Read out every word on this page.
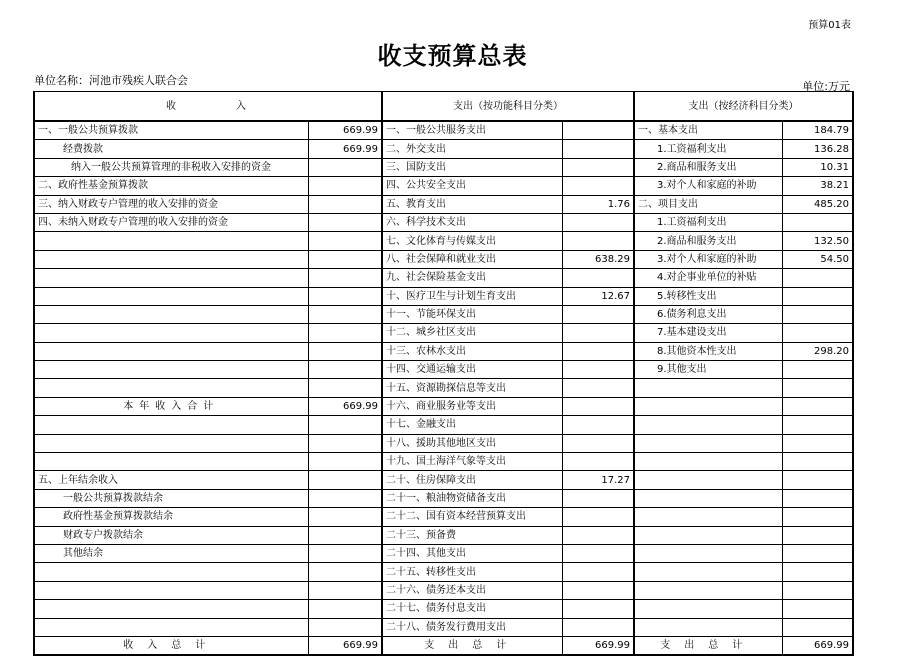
预算01表
收支预算总表
单位名称：河池市残疾人联合会	单位:万元
收　　　　入		支出（按功能科目分类）		支出（按经济科目分类）	
一、一般公共预算拨款	669.99	一、一般公共服务支出		一、基本支出	184.79
经费拨款	669.99	二、外交支出		1.工资福利支出	136.28
纳入一般公共预算管理的非税收入安排的资金		三、国防支出		2.商品和服务支出	10.31
二、政府性基金预算拨款		四、公共安全支出		3.对个人和家庭的补助	38.21
三、纳入财政专户管理的收入安排的资金		五、教育支出	1.76	二、项目支出	485.20
四、未纳入财政专户管理的收入安排的资金		六、科学技术支出		1.工资福利支出	
		七、文化体育与传媒支出		2.商品和服务支出	132.50
		八、社会保障和就业支出	638.29	3.对个人和家庭的补助	54.50
		九、社会保险基金支出		4.对企事业单位的补贴	
		十、医疗卫生与计划生育支出	12.67	5.转移性支出	
		十一、节能环保支出		6.债务利息支出	
		十二、城乡社区支出		7.基本建设支出	
		十三、农林水支出		8.其他资本性支出	298.20
		十四、交通运输支出		9.其他支出	
		十五、资源勘探信息等支出			
本年收入合计	669.99	十六、商业服务业等支出			
		十七、金融支出			
		十八、援助其他地区支出			
		十九、国土海洋气象等支出			
五、上年结余收入		二十、住房保障支出	17.27		
一般公共预算拨款结余		二十一、粮油物资储备支出			
政府性基金预算拨款结余		二十二、国有资本经营预算支出			
财政专户拨款结余		二十三、预备费			
其他结余		二十四、其他支出			
		二十五、转移性支出			
		二十六、债务还本支出			
		二十七、债务付息支出			
		二十八、债务发行费用支出			
收入总计	669.99	支出总计	669.99	支出总计	669.99
